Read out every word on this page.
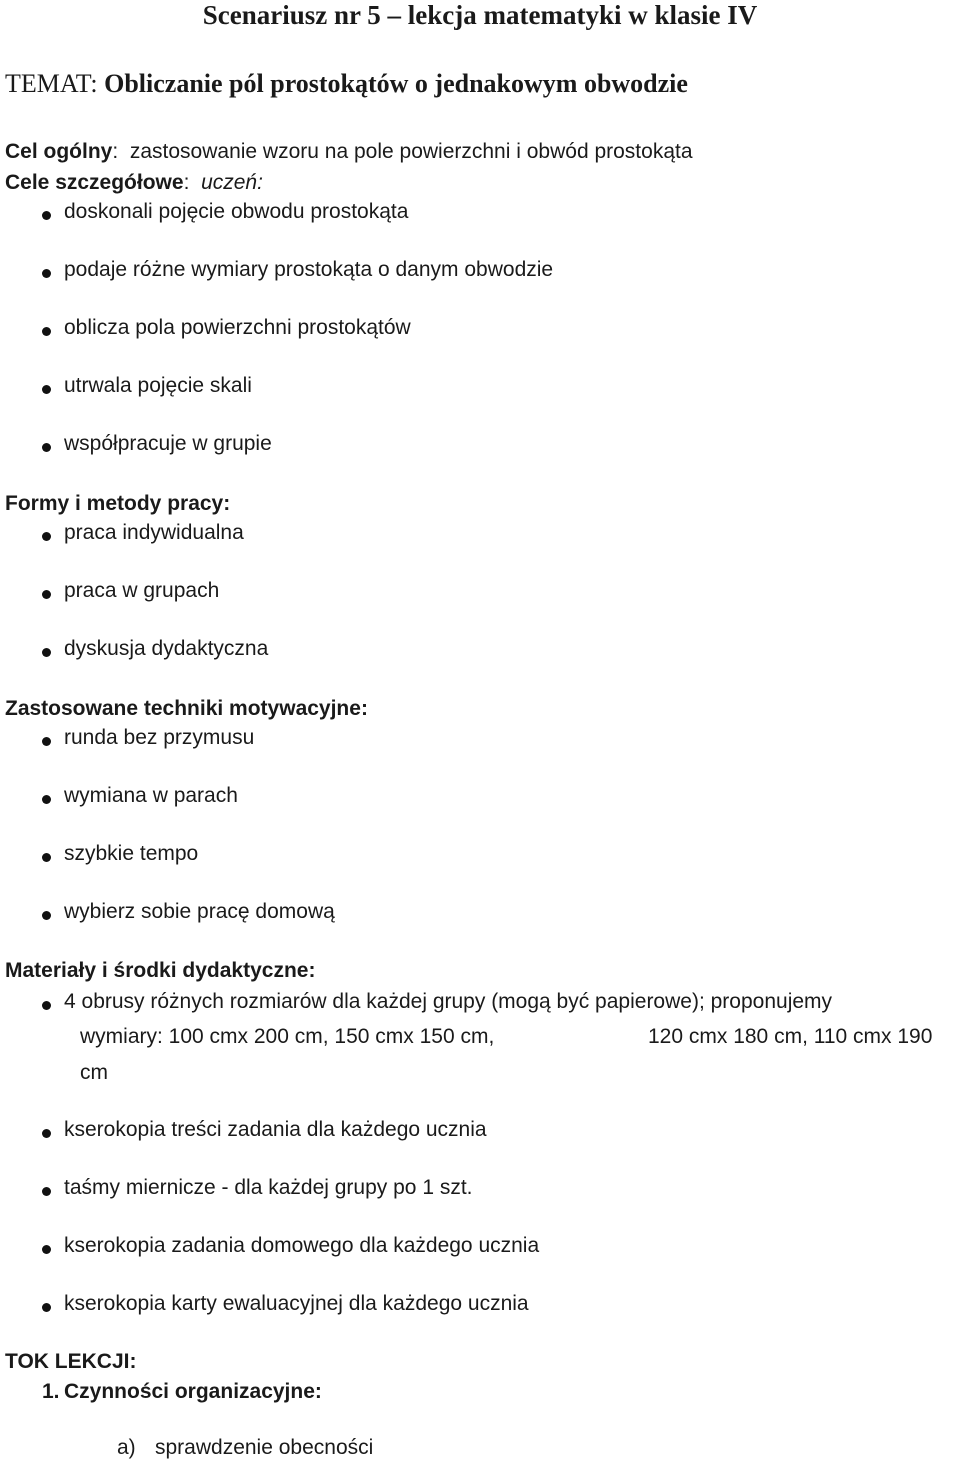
Scenariusz nr 5 – lekcja matematyki w klasie IV
TEMAT: Obliczanie pól prostokątów o jednakowym obwodzie
Cel ogólny: zastosowanie wzoru na pole powierzchni i obwód prostokąta
Cele szczegółowe: uczeń:
doskonali pojęcie obwodu prostokąta
podaje różne wymiary prostokąta o danym obwodzie
oblicza pola powierzchni prostokątów
utrwala pojęcie skali
współpracuje w grupie
Formy i metody pracy:
praca indywidualna
praca w grupach
dyskusja dydaktyczna
Zastosowane techniki motywacyjne:
runda bez przymusu
wymiana w parach
szybkie tempo
wybierz sobie pracę domową
Materiały i środki dydaktyczne:
4 obrusy różnych rozmiarów dla każdej grupy (mogą być papierowe); proponujemy
wymiary: 100 cmx 200 cm, 150 cmx 150 cm,	120 cmx 180 cm, 110 cmx 190
cm
kserokopia treści zadania dla każdego ucznia
taśmy miernicze - dla każdej grupy po 1 szt.
kserokopia zadania domowego dla każdego ucznia
kserokopia karty ewaluacyjnej dla każdego ucznia
TOK LEKCJI:
1. Czynności organizacyjne:
a) sprawdzenie obecności
